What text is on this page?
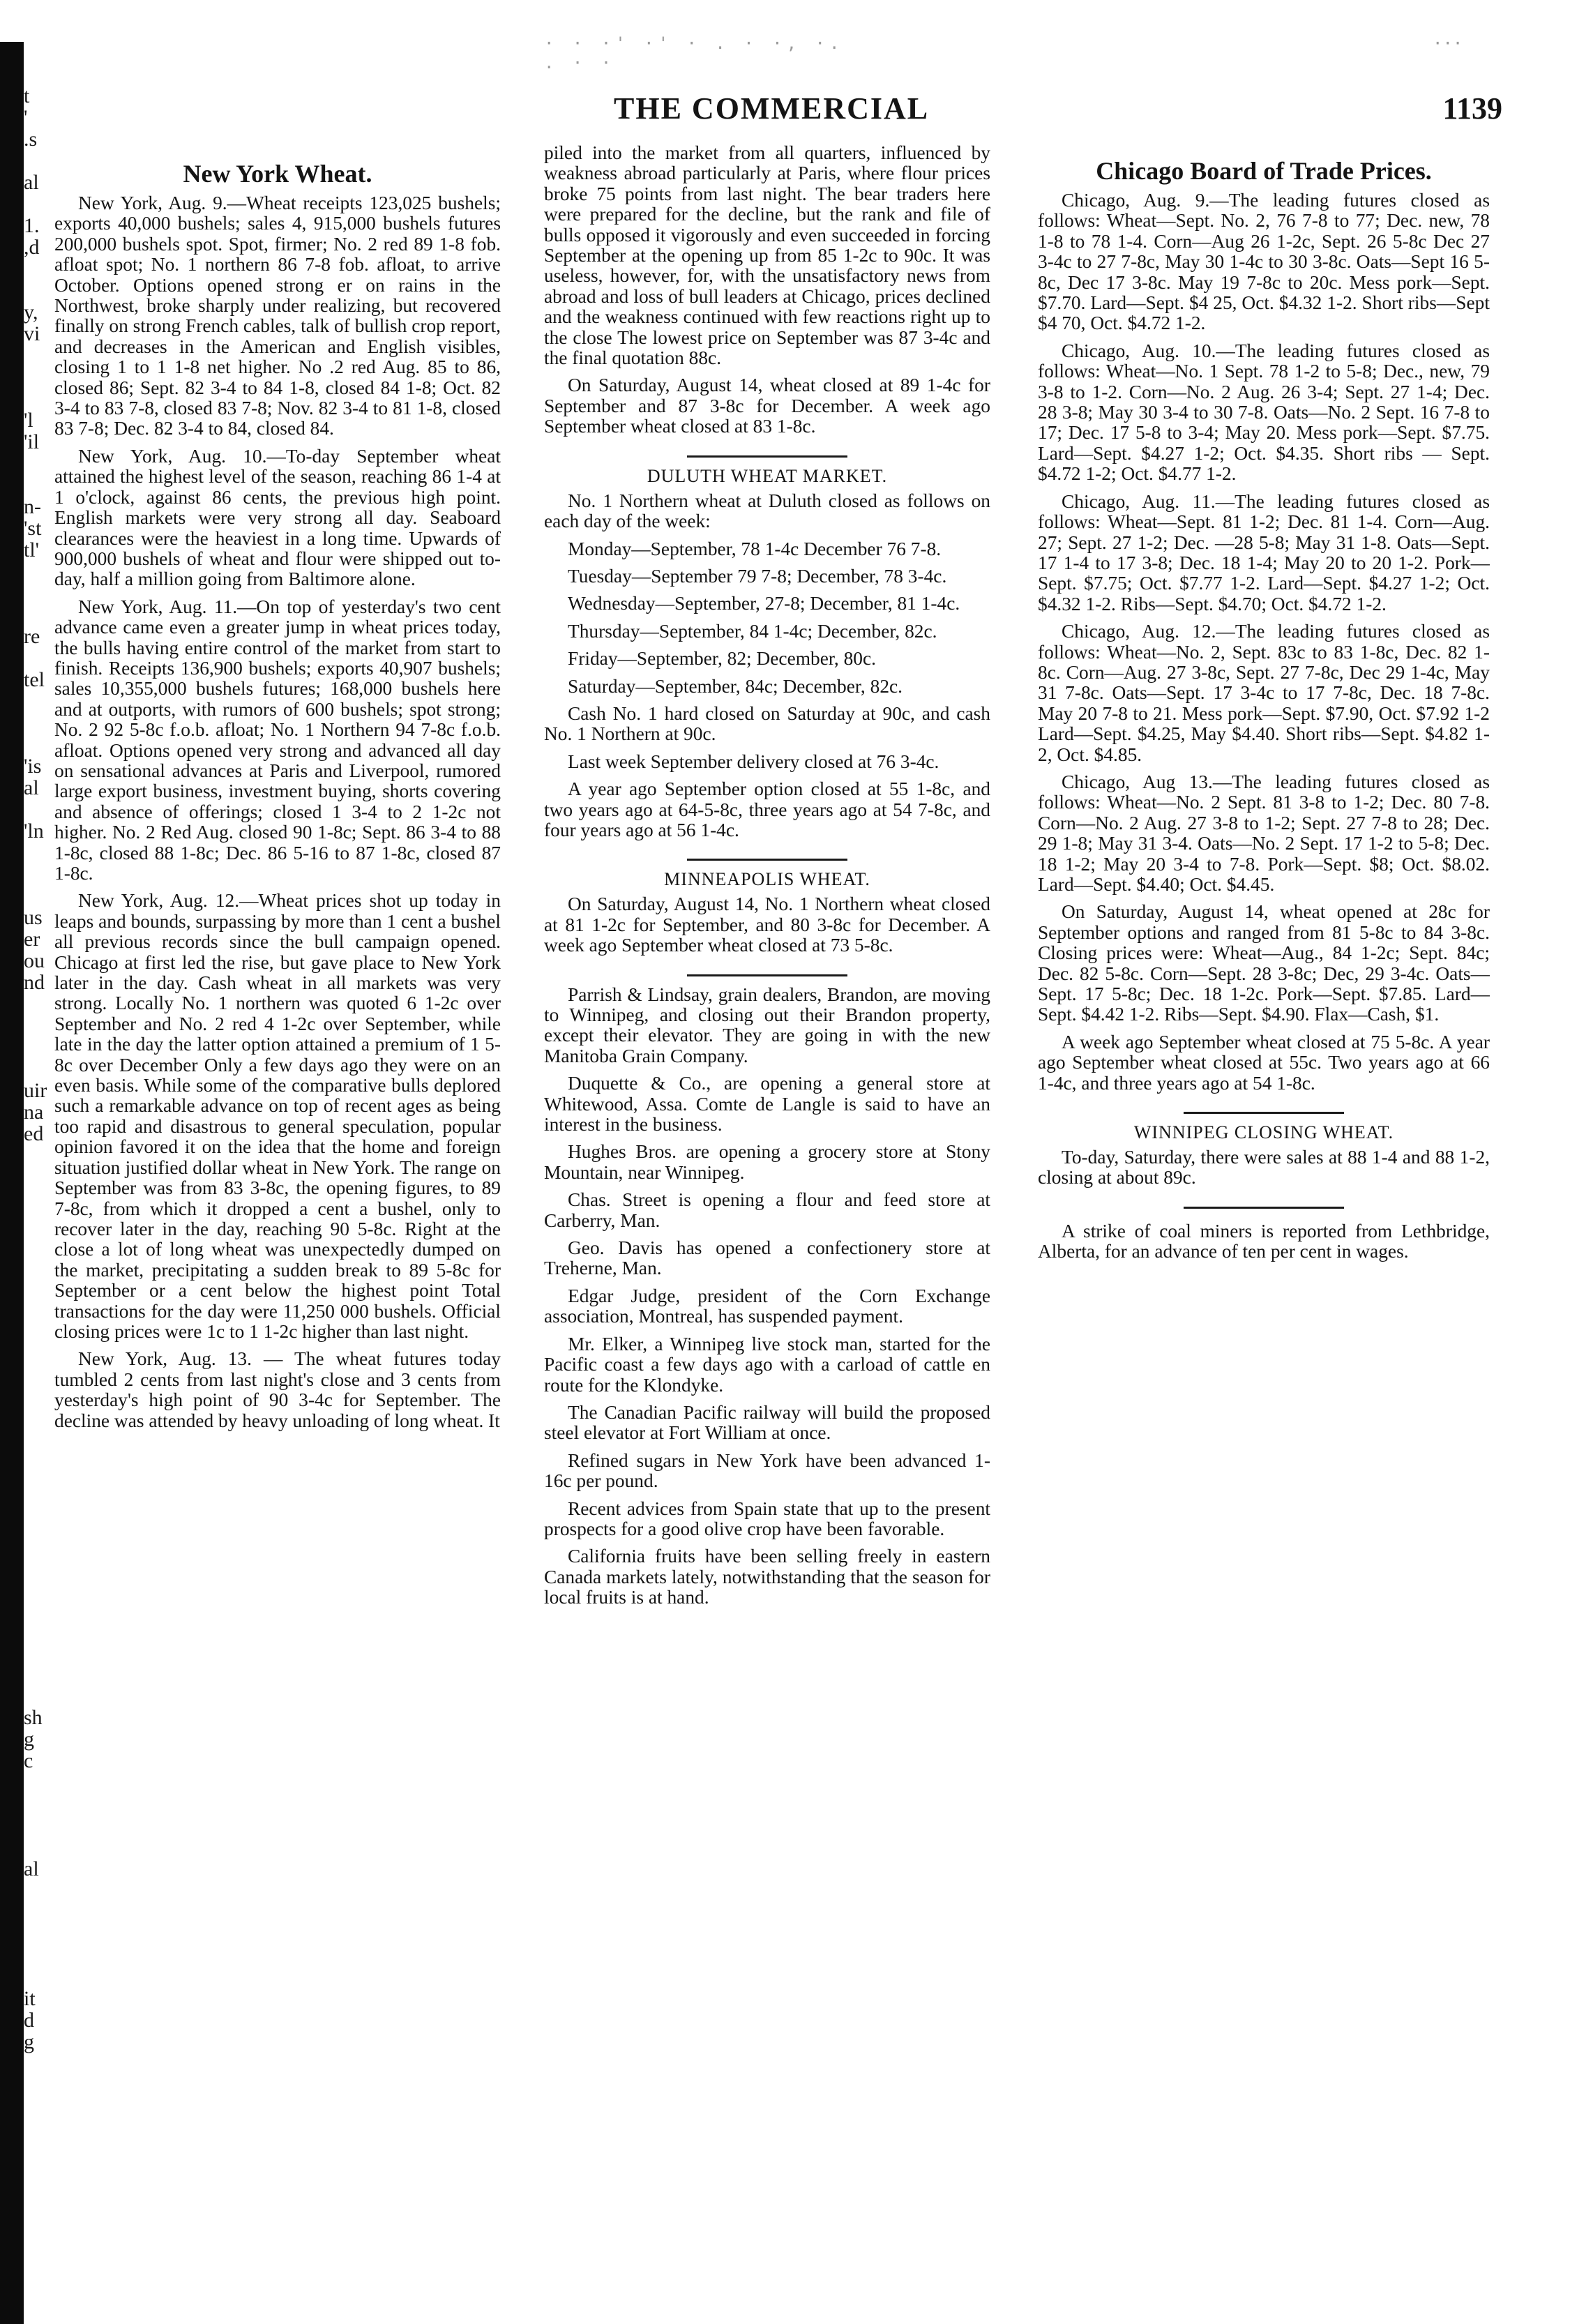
t
'
.s

al

1.
,d

y,
vi

'l
'il

n-
'st
tl'

re

tel

'is
al

'ln

us
er
ou
nd

uir
na
ed

sh
g
c

al

it
d
g

· · ·' ·' · . · ·, ·. . · ·
···
THE COMMERCIAL	1139
New York Wheat.

New York, Aug. 9.—Wheat receipts 123,025 bushels; exports 40,000 bushels; sales 4, 915,000 bushels futures 200,000 bushels spot. Spot, firmer; No. 2 red 89 1-8 fob. afloat spot; No. 1 northern 86 7-8 fob. afloat, to arrive October. Options opened strong er on rains in the Northwest, broke sharply under realizing, but recovered finally on strong French cables, talk of bullish crop report, and decreases in the American and English visibles, closing 1 to 1 1-8 net higher. No .2 red Aug. 85 to 86, closed 86; Sept. 82 3-4 to 84 1-8, closed 84 1-8; Oct. 82 3-4 to 83 7-8, closed 83 7-8; Nov. 82 3-4 to 81 1-8, closed 83 7-8; Dec. 82 3-4 to 84, closed 84.

New York, Aug. 10.—To-day September wheat attained the highest level of the season, reaching 86 1-4 at 1 o'clock, against 86 cents, the previous high point. English markets were very strong all day. Seaboard clearances were the heaviest in a long time. Upwards of 900,000 bushels of wheat and flour were shipped out to-day, half a million going from Baltimore alone.

New York, Aug. 11.—On top of yesterday's two cent advance came even a greater jump in wheat prices today, the bulls having entire control of the market from start to finish. Receipts 136,900 bushels; exports 40,907 bushels; sales 10,355,000 bushels futures; 168,000 bushels here and at outports, with rumors of 600 bushels; spot strong; No. 2 92 5-8c f.o.b. afloat; No. 1 Northern 94 7-8c f.o.b. afloat. Options opened very strong and advanced all day on sensational advances at Paris and Liverpool, rumored large export business, investment buying, shorts covering and absence of offerings; closed 1 3-4 to 2 1-2c not higher. No. 2 Red Aug. closed 90 1-8c; Sept. 86 3-4 to 88 1-8c, closed 88 1-8c; Dec. 86 5-16 to 87 1-8c, closed 87 1-8c.

New York, Aug. 12.—Wheat prices shot up today in leaps and bounds, surpassing by more than 1 cent a bushel all previous records since the bull campaign opened. Chicago at first led the rise, but gave place to New York later in the day. Cash wheat in all markets was very strong. Locally No. 1 northern was quoted 6 1-2c over September and No. 2 red 4 1-2c over September, while late in the day the latter option attained a premium of 1 5-8c over December Only a few days ago they were on an even basis. While some of the comparative bulls deplored such a remarkable advance on top of recent ages as being too rapid and disastrous to general speculation, popular opinion favored it on the idea that the home and foreign situation justified dollar wheat in New York. The range on September was from 83 3-8c, the opening figures, to 89 7-8c, from which it dropped a cent a bushel, only to recover later in the day, reaching 90 5-8c. Right at the close a lot of long wheat was unexpectedly dumped on the market, precipitating a sudden break to 89 5-8c for September or a cent below the highest point Total transactions for the day were 11,250 000 bushels. Official closing prices were 1c to 1 1-2c higher than last night.

New York, Aug. 13. — The wheat futures today tumbled 2 cents from last night's close and 3 cents from yesterday's high point of 90 3-4c for September. The decline was attended by heavy unloading of long wheat. It

piled into the market from all quarters, influenced by weakness abroad particularly at Paris, where flour prices broke 75 points from last night. The bear traders here were prepared for the decline, but the rank and file of bulls opposed it vigorously and even succeeded in forcing September at the opening up from 85 1-2c to 90c. It was useless, however, for, with the unsatisfactory news from abroad and loss of bull leaders at Chicago, prices declined and the weakness continued with few reactions right up to the close The lowest price on September was 87 3-4c and the final quotation 88c.

On Saturday, August 14, wheat closed at 89 1-4c for September and 87 3-8c for December. A week ago September wheat closed at 83 1-8c.

DULUTH WHEAT MARKET.

No. 1 Northern wheat at Duluth closed as follows on each day of the week:

Monday—September, 78 1-4c December 76 7-8.

Tuesday—September 79 7-8; December, 78 3-4c.

Wednesday—September, 27-8; December, 81 1-4c.

Thursday—September, 84 1-4c; December, 82c.

Friday—September, 82; December, 80c.

Saturday—September, 84c; December, 82c.

Cash No. 1 hard closed on Saturday at 90c, and cash No. 1 Northern at 90c.

Last week September delivery closed at 76 3-4c.

A year ago September option closed at 55 1-8c, and two years ago at 64-5-8c, three years ago at 54 7-8c, and four years ago at 56 1-4c.

MINNEAPOLIS WHEAT.

On Saturday, August 14, No. 1 Northern wheat closed at 81 1-2c for September, and 80 3-8c for December. A week ago September wheat closed at 73 5-8c.

Parrish & Lindsay, grain dealers, Brandon, are moving to Winnipeg, and closing out their Brandon property, except their elevator. They are going in with the new Manitoba Grain Company.

Duquette & Co., are opening a general store at Whitewood, Assa. Comte de Langle is said to have an interest in the business.

Hughes Bros. are opening a grocery store at Stony Mountain, near Winnipeg.

Chas. Street is opening a flour and feed store at Carberry, Man.

Geo. Davis has opened a confectionery store at Treherne, Man.

Edgar Judge, president of the Corn Exchange association, Montreal, has suspended payment.

Mr. Elker, a Winnipeg live stock man, started for the Pacific coast a few days ago with a carload of cattle en route for the Klondyke.

The Canadian Pacific railway will build the proposed steel elevator at Fort William at once.

Refined sugars in New York have been advanced 1-16c per pound.

Recent advices from Spain state that up to the present prospects for a good olive crop have been favorable.

California fruits have been selling freely in eastern Canada markets lately, notwithstanding that the season for local fruits is at hand.

Chicago Board of Trade Prices.

Chicago, Aug. 9.—The leading futures closed as follows: Wheat—Sept. No. 2, 76 7-8 to 77; Dec. new, 78 1-8 to 78 1-4. Corn—Aug 26 1-2c, Sept. 26 5-8c Dec 27 3-4c to 27 7-8c, May 30 1-4c to 30 3-8c. Oats—Sept 16 5-8c, Dec 17 3-8c. May 19 7-8c to 20c. Mess pork—Sept. $7.70. Lard—Sept. $4 25, Oct. $4.32 1-2. Short ribs—Sept $4 70, Oct. $4.72 1-2.

Chicago, Aug. 10.—The leading futures closed as follows: Wheat—No. 1 Sept. 78 1-2 to 5-8; Dec., new, 79 3-8 to 1-2. Corn—No. 2 Aug. 26 3-4; Sept. 27 1-4; Dec. 28 3-8; May 30 3-4 to 30 7-8. Oats—No. 2 Sept. 16 7-8 to 17; Dec. 17 5-8 to 3-4; May 20. Mess pork—Sept. $7.75. Lard—Sept. $4.27 1-2; Oct. $4.35. Short ribs — Sept. $4.72 1-2; Oct. $4.77 1-2.

Chicago, Aug. 11.—The leading futures closed as follows: Wheat—Sept. 81 1-2; Dec. 81 1-4. Corn—Aug. 27; Sept. 27 1-2; Dec. —28 5-8; May 31 1-8. Oats—Sept. 17 1-4 to 17 3-8; Dec. 18 1-4; May 20 to 20 1-2. Pork—Sept. $7.75; Oct. $7.77 1-2. Lard—Sept. $4.27 1-2; Oct. $4.32 1-2. Ribs—Sept. $4.70; Oct. $4.72 1-2.

Chicago, Aug. 12.—The leading futures closed as follows: Wheat—No. 2, Sept. 83c to 83 1-8c, Dec. 82 1-8c. Corn—Aug. 27 3-8c, Sept. 27 7-8c, Dec 29 1-4c, May 31 7-8c. Oats—Sept. 17 3-4c to 17 7-8c, Dec. 18 7-8c. May 20 7-8 to 21. Mess pork—Sept. $7.90, Oct. $7.92 1-2 Lard—Sept. $4.25, May $4.40. Short ribs—Sept. $4.82 1-2, Oct. $4.85.

Chicago, Aug 13.—The leading futures closed as follows: Wheat—No. 2 Sept. 81 3-8 to 1-2; Dec. 80 7-8. Corn—No. 2 Aug. 27 3-8 to 1-2; Sept. 27 7-8 to 28; Dec. 29 1-8; May 31 3-4. Oats—No. 2 Sept. 17 1-2 to 5-8; Dec. 18 1-2; May 20 3-4 to 7-8. Pork—Sept. $8; Oct. $8.02. Lard—Sept. $4.40; Oct. $4.45.

On Saturday, August 14, wheat opened at 28c for September options and ranged from 81 5-8c to 84 3-8c. Closing prices were: Wheat—Aug., 84 1-2c; Sept. 84c; Dec. 82 5-8c. Corn—Sept. 28 3-8c; Dec, 29 3-4c. Oats—Sept. 17 5-8c; Dec. 18 1-2c. Pork—Sept. $7.85. Lard—Sept. $4.42 1-2. Ribs—Sept. $4.90. Flax—Cash, $1.

A week ago September wheat closed at 75 5-8c. A year ago September wheat closed at 55c. Two years ago at 66 1-4c, and three years ago at 54 1-8c.

WINNIPEG CLOSING WHEAT.

To-day, Saturday, there were sales at 88 1-4 and 88 1-2, closing at about 89c.

A strike of coal miners is reported from Lethbridge, Alberta, for an advance of ten per cent in wages.
